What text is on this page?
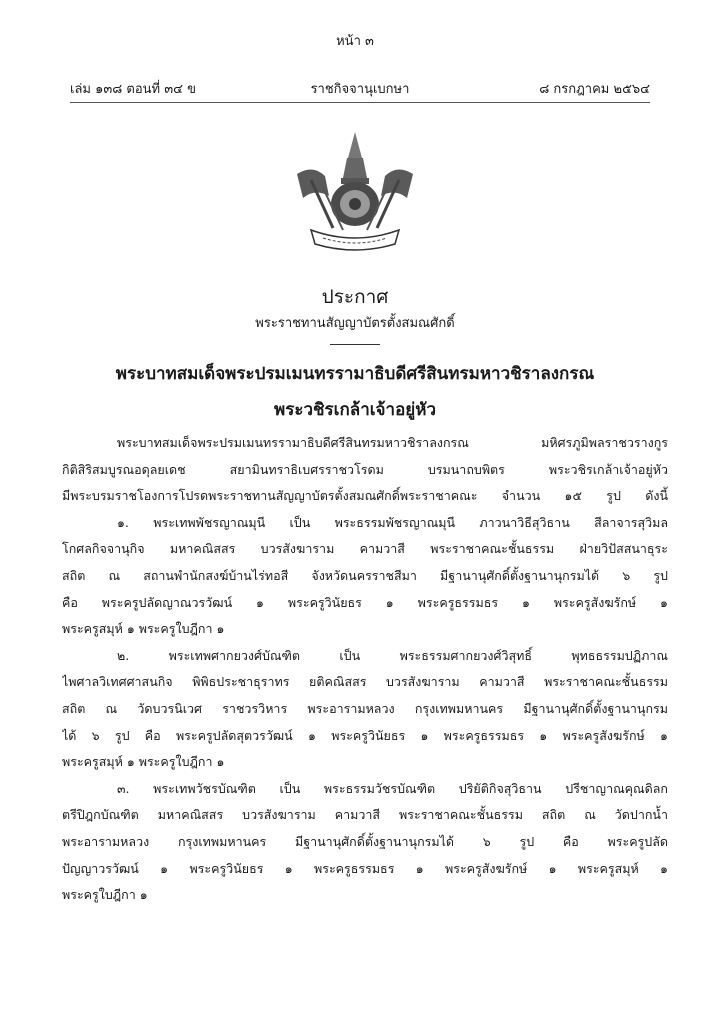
หน้า ๓
ราชกิจจานุเบกษา
เล่ม ๑๓๘ ตอนที่ ๓๔ ข	๘ กรกฎาคม ๒๕๖๔
ประกาศ
พระราชทานสัญญาบัตรตั้งสมณศักดิ์
พระบาทสมเด็จพระปรมเมนทรรามาธิบดีศรีสินทรมหาวชิราลงกรณ
พระวชิรเกล้าเจ้าอยู่หัว
พระบาทสมเด็จพระปรมเมนทรรามาธิบดีศรีสินทรมหาวชิราลงกรณ มหิศรภูมิพลราชวรางกูร
กิติสิริสมบูรณอดุลยเดช สยามินทราธิเบศรราชวโรดม บรมนาถบพิตร พระวชิรเกล้าเจ้าอยู่หัว
มีพระบรมราชโองการโปรดพระราชทานสัญญาบัตรตั้งสมณศักดิ์พระราชาคณะ จำนวน ๑๕ รูป ดังนี้
๑. พระเทพพัชรญาณมุนี เป็น พระธรรมพัชรญาณมุนี ภาวนาวิธีสุวิธาน สีลาจารสุวิมล
โกศลกิจจานุกิจ มหาคณิสสร บวรสังฆาราม คามวาสี พระราชาคณะชั้นธรรม ฝ่ายวิปัสสนาธุระ
สถิต ณ สถานพำนักสงฆ์บ้านไร่ทอสี จังหวัดนครราชสีมา มีฐานานุศักดิ์ตั้งฐานานุกรมได้ ๖ รูป
คือ พระครูปลัดญาณวรวัฒน์ ๑ พระครูวินัยธร ๑ พระครูธรรมธร ๑ พระครูสังฆรักษ์ ๑
พระครูสมุห์ ๑ พระครูใบฎีกา ๑
๒. พระเทพศากยวงศ์บัณฑิต เป็น พระธรรมศากยวงศ์วิสุทธิ์ พุทธธรรมปฏิภาณ
ไพศาลวิเทศศาสนกิจ พิพิธประชาธุราทร ยติคณิสสร บวรสังฆาราม คามวาสี พระราชาคณะชั้นธรรม
สถิต ณ วัดบวรนิเวศ ราชวรวิหาร พระอารามหลวง กรุงเทพมหานคร มีฐานานุศักดิ์ตั้งฐานานุกรม
ได้ ๖ รูป คือ พระครูปลัดสุตวรวัฒน์ ๑ พระครูวินัยธร ๑ พระครูธรรมธร ๑ พระครูสังฆรักษ์ ๑
พระครูสมุห์ ๑ พระครูใบฎีกา ๑
๓. พระเทพวัชรบัณฑิต เป็น พระธรรมวัชรบัณฑิต ปริยัติกิจสุวิธาน ปรีชาญาณคุณดิลก
ตรีปิฎกบัณฑิต มหาคณิสสร บวรสังฆาราม คามวาสี พระราชาคณะชั้นธรรม สถิต ณ วัดปากน้ำ
พระอารามหลวง กรุงเทพมหานคร มีฐานานุศักดิ์ตั้งฐานานุกรมได้ ๖ รูป คือ พระครูปลัด
ปัญญาวรวัฒน์ ๑ พระครูวินัยธร ๑ พระครูธรรมธร ๑ พระครูสังฆรักษ์ ๑ พระครูสมุห์ ๑
พระครูใบฎีกา ๑
